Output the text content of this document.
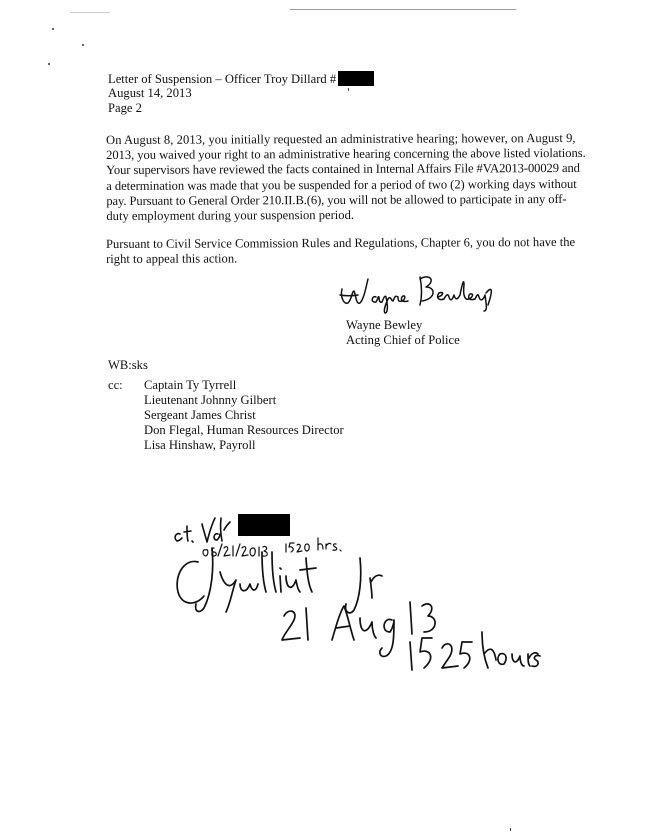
Letter of Suspension – Officer Troy Dillard #
August 14, 2013
Page 2
On August 8, 2013, you initially requested an administrative hearing; however, on August 9,
2013, you waived your right to an administrative hearing concerning the above listed violations.
Your supervisors have reviewed the facts contained in Internal Affairs File #VA2013-00029 and
a determination was made that you be suspended for a period of two (2) working days without
pay. Pursuant to General Order 210.II.B.(6), you will not be allowed to participate in any off-
duty employment during your suspension period.
Pursuant to Civil Service Commission Rules and Regulations, Chapter 6, you do not have the
right to appeal this action.
Wayne Bewley
Acting Chief of Police
WB:sks
cc: Captain Ty Tyrrell
Lieutenant Johnny Gilbert
Sergeant James Christ
Don Flegal, Human Resources Director
Lisa Hinshaw, Payroll
